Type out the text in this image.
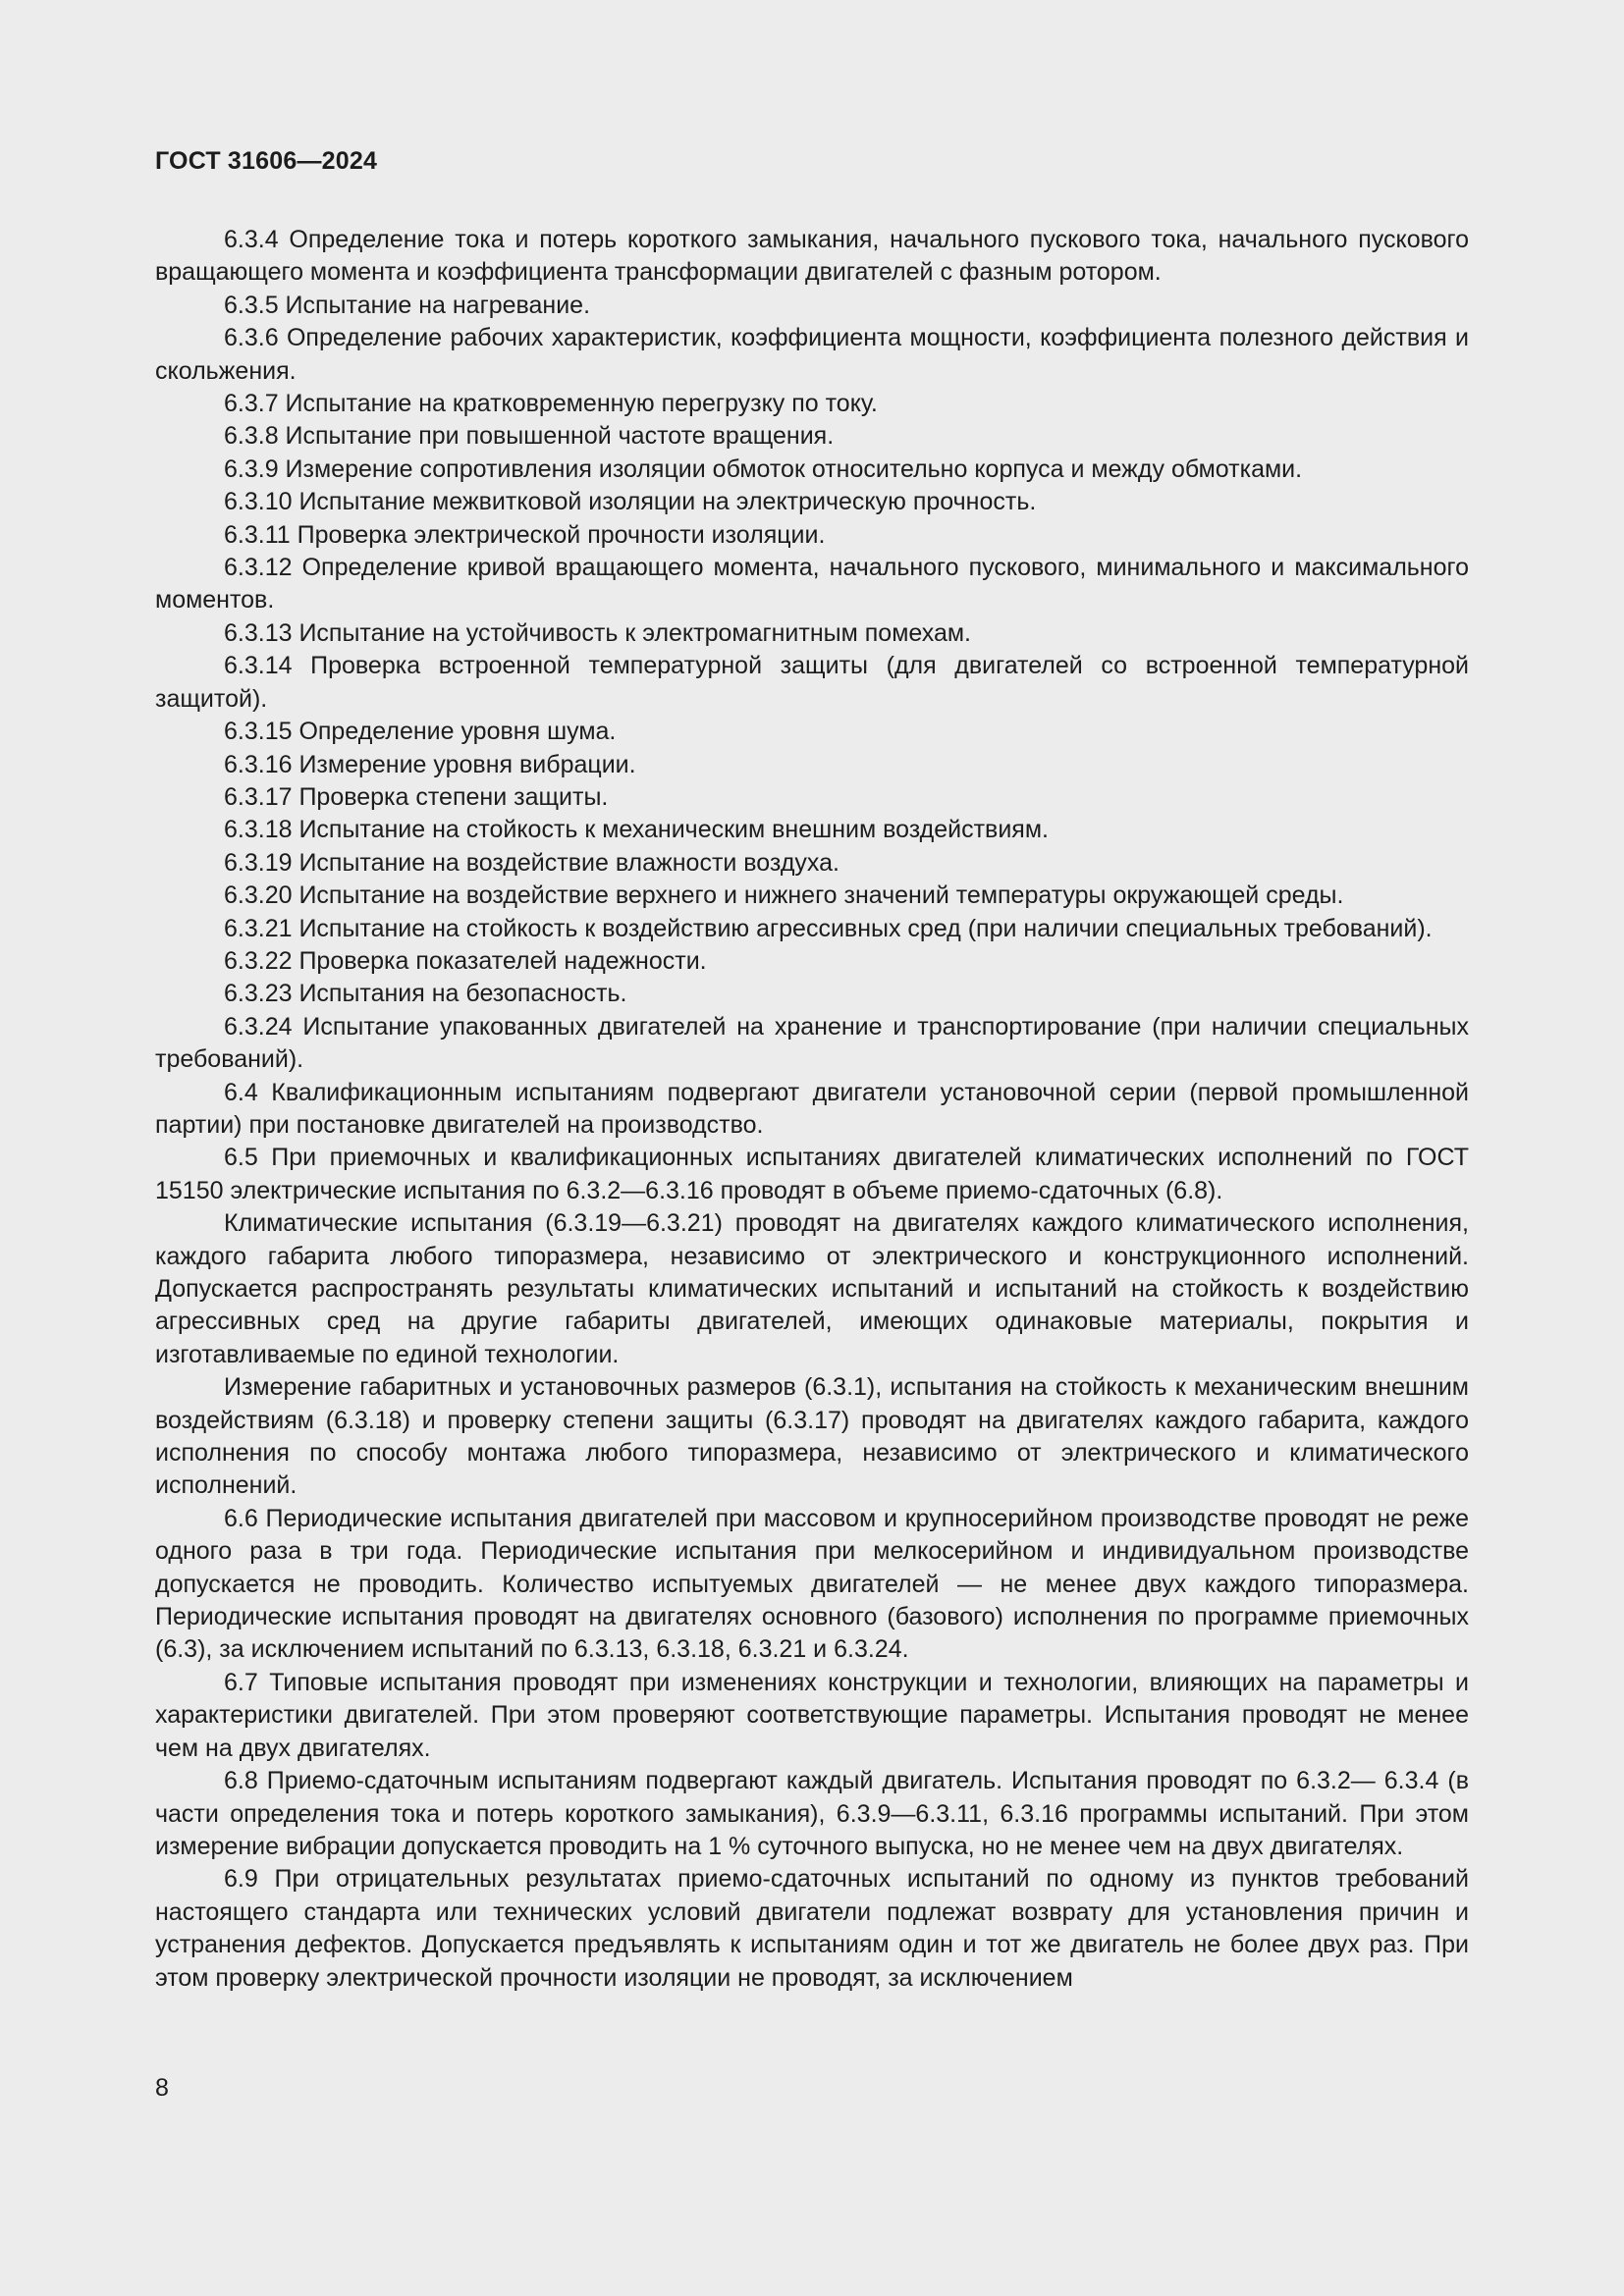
ГОСТ 31606—2024

6.3.4 Определение тока и потерь короткого замыкания, начального пускового тока, начального пускового вращающего момента и коэффициента трансформации двигателей с фазным ротором.

6.3.5 Испытание на нагревание.

6.3.6 Определение рабочих характеристик, коэффициента мощности, коэффициента полезного действия и скольжения.

6.3.7 Испытание на кратковременную перегрузку по току.

6.3.8 Испытание при повышенной частоте вращения.

6.3.9 Измерение сопротивления изоляции обмоток относительно корпуса и между обмотками.

6.3.10 Испытание межвитковой изоляции на электрическую прочность.

6.3.11 Проверка электрической прочности изоляции.

6.3.12 Определение кривой вращающего момента, начального пускового, минимального и максимального моментов.

6.3.13 Испытание на устойчивость к электромагнитным помехам.

6.3.14 Проверка встроенной температурной защиты (для двигателей со встроенной температурной защитой).

6.3.15 Определение уровня шума.

6.3.16 Измерение уровня вибрации.

6.3.17 Проверка степени защиты.

6.3.18 Испытание на стойкость к механическим внешним воздействиям.

6.3.19 Испытание на воздействие влажности воздуха.

6.3.20 Испытание на воздействие верхнего и нижнего значений температуры окружающей среды.

6.3.21 Испытание на стойкость к воздействию агрессивных сред (при наличии специальных требований).

6.3.22 Проверка показателей надежности.

6.3.23 Испытания на безопасность.

6.3.24 Испытание упакованных двигателей на хранение и транспортирование (при наличии специальных требований).

6.4 Квалификационным испытаниям подвергают двигатели установочной серии (первой промышленной партии) при постановке двигателей на производство.

6.5 При приемочных и квалификационных испытаниях двигателей климатических исполнений по ГОСТ 15150 электрические испытания по 6.3.2—6.3.16 проводят в объеме приемо-сдаточных (6.8).

Климатические испытания (6.3.19—6.3.21) проводят на двигателях каждого климатического исполнения, каждого габарита любого типоразмера, независимо от электрического и конструкционного исполнений. Допускается распространять результаты климатических испытаний и испытаний на стойкость к воздействию агрессивных сред на другие габариты двигателей, имеющих одинаковые материалы, покрытия и изготавливаемые по единой технологии.

Измерение габаритных и установочных размеров (6.3.1), испытания на стойкость к механическим внешним воздействиям (6.3.18) и проверку степени защиты (6.3.17) проводят на двигателях каждого габарита, каждого исполнения по способу монтажа любого типоразмера, независимо от электрического и климатического исполнений.

6.6 Периодические испытания двигателей при массовом и крупносерийном производстве проводят не реже одного раза в три года. Периодические испытания при мелкосерийном и индивидуальном производстве допускается не проводить. Количество испытуемых двигателей — не менее двух каждого типоразмера. Периодические испытания проводят на двигателях основного (базового) исполнения по программе приемочных (6.3), за исключением испытаний по 6.3.13, 6.3.18, 6.3.21 и 6.3.24.

6.7 Типовые испытания проводят при изменениях конструкции и технологии, влияющих на параметры и характеристики двигателей. При этом проверяют соответствующие параметры. Испытания проводят не менее чем на двух двигателях.

6.8 Приемо-сдаточным испытаниям подвергают каждый двигатель. Испытания проводят по 6.3.2— 6.3.4 (в части определения тока и потерь короткого замыкания), 6.3.9—6.3.11, 6.3.16 программы испытаний. При этом измерение вибрации допускается проводить на 1 % суточного выпуска, но не менее чем на двух двигателях.

6.9 При отрицательных результатах приемо-сдаточных испытаний по одному из пунктов требований настоящего стандарта или технических условий двигатели подлежат возврату для установления причин и устранения дефектов. Допускается предъявлять к испытаниям один и тот же двигатель не более двух раз. При этом проверку электрической прочности изоляции не проводят, за исключением

8
